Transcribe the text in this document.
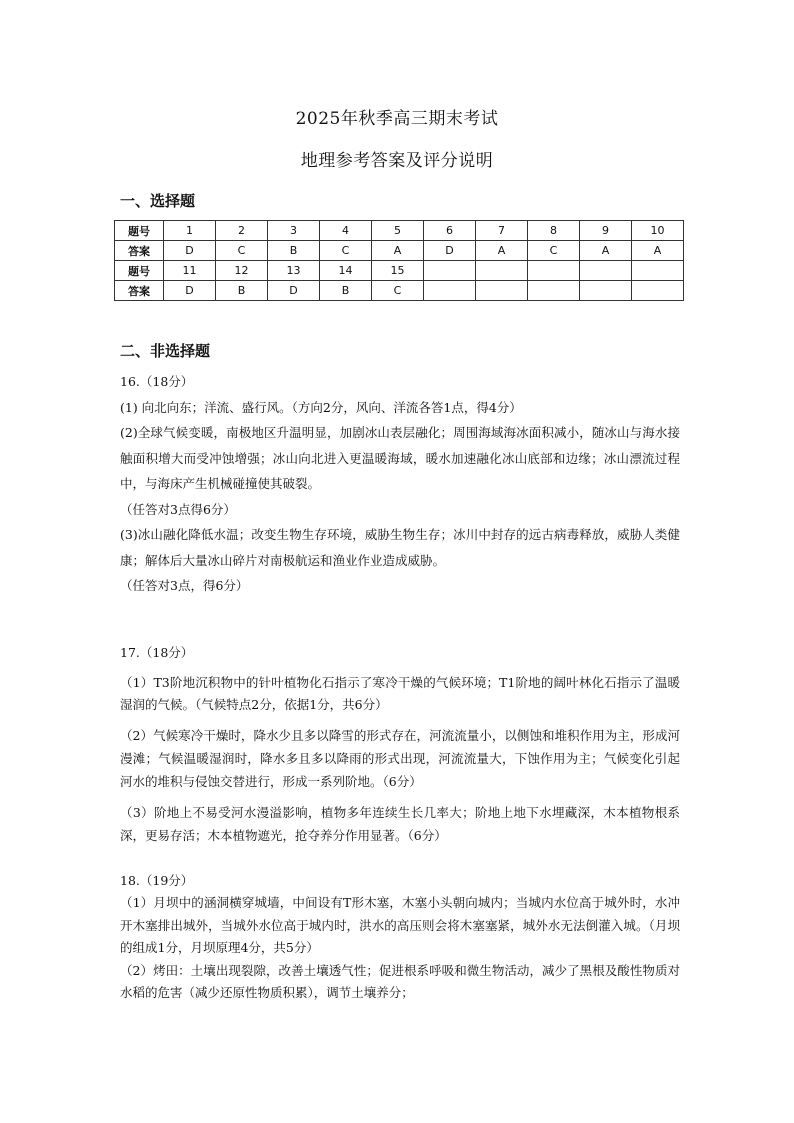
2025年秋季高三期末考试
地理参考答案及评分说明
一、选择题
题号	1	2	3	4	5	6	7	8	9	10
答案	D	C	B	C	A	D	A	C	A	A
题号	11	12	13	14	15					
答案	D	B	D	B	C					
二、非选择题

16.（18分）

(1) 向北向东；洋流、盛行风。（方向2分，风向、洋流各答1点，得4分）

(2)全球气候变暖，南极地区升温明显，加剧冰山表层融化；周围海域海冰面积减小，随冰山与海水接触面积增大而受冲蚀增强；冰山向北进入更温暖海域，暖水加速融化冰山底部和边缘；冰山漂流过程中，与海床产生机械碰撞使其破裂。

（任答对3点得6分）

(3)冰山融化降低水温；改变生物生存环境，威胁生物生存；冰川中封存的远古病毒释放，威胁人类健康；解体后大量冰山碎片对南极航运和渔业作业造成威胁。

（任答对3点，得6分）

17.（18分）

（1）T3阶地沉积物中的针叶植物化石指示了寒冷干燥的气候环境；T1阶地的阔叶林化石指示了温暖湿润的气候。（气候特点2分，依据1分，共6分）

（2）气候寒冷干燥时，降水少且多以降雪的形式存在，河流流量小，以侧蚀和堆积作用为主，形成河漫滩；气候温暖湿润时，降水多且多以降雨的形式出现，河流流量大，下蚀作用为主；气候变化引起河水的堆积与侵蚀交替进行，形成一系列阶地。（6分）

（3）阶地上不易受河水漫溢影响，植物多年连续生长几率大；阶地上地下水埋藏深，木本植物根系深，更易存活；木本植物遮光，抢夺养分作用显著。（6分）

18.（19分）

（1）月坝中的涵洞横穿城墙，中间设有T形木塞，木塞小头朝向城内；当城内水位高于城外时，水冲开木塞排出城外，当城外水位高于城内时，洪水的高压则会将木塞塞紧，城外水无法倒灌入城。（月坝的组成1分，月坝原理4分，共5分）

（2）烤田：土壤出现裂隙，改善土壤透气性；促进根系呼吸和微生物活动，减少了黑根及酸性物质对水稻的危害（减少还原性物质积累），调节土壤养分；
